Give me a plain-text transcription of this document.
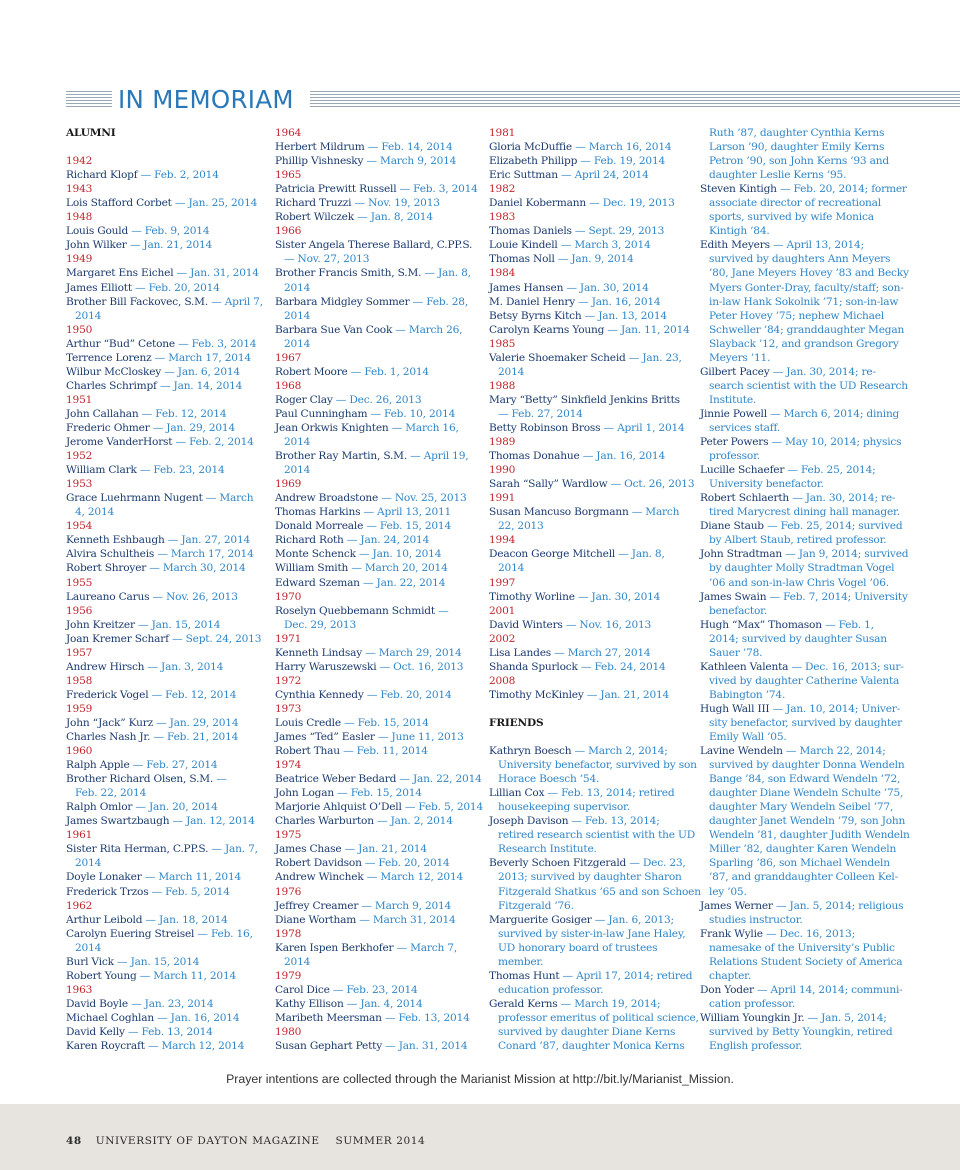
IN MEMORIAM
ALUMNI
1942
Richard Klopf — Feb. 2, 2014
1943
Lois Stafford Corbet — Jan. 25, 2014
1948
Louis Gould — Feb. 9, 2014
John Wilker — Jan. 21, 2014
1949
Margaret Ens Eichel — Jan. 31, 2014
James Elliott — Feb. 20, 2014
Brother Bill Fackovec, S.M. — April 7,
2014
1950
Arthur “Bud” Cetone — Feb. 3, 2014
Terrence Lorenz — March 17, 2014
Wilbur McCloskey — Jan. 6, 2014
Charles Schrimpf — Jan. 14, 2014
1951
John Callahan — Feb. 12, 2014
Frederic Ohmer — Jan. 29, 2014
Jerome VanderHorst — Feb. 2, 2014
1952
William Clark — Feb. 23, 2014
1953
Grace Luehrmann Nugent — March
4, 2014
1954
Kenneth Eshbaugh — Jan. 27, 2014
Alvira Schultheis — March 17, 2014
Robert Shroyer — March 30, 2014
1955
Laureano Carus — Nov. 26, 2013
1956
John Kreitzer — Jan. 15, 2014
Joan Kremer Scharf — Sept. 24, 2013
1957
Andrew Hirsch — Jan. 3, 2014
1958
Frederick Vogel — Feb. 12, 2014
1959
John “Jack” Kurz — Jan. 29, 2014
Charles Nash Jr. — Feb. 21, 2014
1960
Ralph Apple — Feb. 27, 2014
Brother Richard Olsen, S.M. —
Feb. 22, 2014
Ralph Omlor — Jan. 20, 2014
James Swartzbaugh — Jan. 12, 2014
1961
Sister Rita Herman, C.PP.S. — Jan. 7,
2014
Doyle Lonaker — March 11, 2014
Frederick Trzos — Feb. 5, 2014
1962
Arthur Leibold — Jan. 18, 2014
Carolyn Euering Streisel — Feb. 16,
2014
Burl Vick — Jan. 15, 2014
Robert Young — March 11, 2014
1963
David Boyle — Jan. 23, 2014
Michael Coghlan — Jan. 16, 2014
David Kelly — Feb. 13, 2014
Karen Roycraft — March 12, 2014
1964
Herbert Mildrum — Feb. 14, 2014
Phillip Vishnesky — March 9, 2014
1965
Patricia Prewitt Russell — Feb. 3, 2014
Richard Truzzi — Nov. 19, 2013
Robert Wilczek — Jan. 8, 2014
1966
Sister Angela Therese Ballard, C.PP.S.
— Nov. 27, 2013
Brother Francis Smith, S.M. — Jan. 8,
2014
Barbara Midgley Sommer — Feb. 28,
2014
Barbara Sue Van Cook — March 26,
2014
1967
Robert Moore — Feb. 1, 2014
1968
Roger Clay — Dec. 26, 2013
Paul Cunningham — Feb. 10, 2014
Jean Orkwis Knighten — March 16,
2014
Brother Ray Martin, S.M. — April 19,
2014
1969
Andrew Broadstone — Nov. 25, 2013
Thomas Harkins — April 13, 2011
Donald Morreale — Feb. 15, 2014
Richard Roth — Jan. 24, 2014
Monte Schenck — Jan. 10, 2014
William Smith — March 20, 2014
Edward Szeman — Jan. 22, 2014
1970
Roselyn Quebbemann Schmidt —
Dec. 29, 2013
1971
Kenneth Lindsay — March 29, 2014
Harry Waruszewski — Oct. 16, 2013
1972
Cynthia Kennedy — Feb. 20, 2014
1973
Louis Credle — Feb. 15, 2014
James “Ted” Easler — June 11, 2013
Robert Thau — Feb. 11, 2014
1974
Beatrice Weber Bedard — Jan. 22, 2014
John Logan — Feb. 15, 2014
Marjorie Ahlquist O’Dell — Feb. 5, 2014
Charles Warburton — Jan. 2, 2014
1975
James Chase — Jan. 21, 2014
Robert Davidson — Feb. 20, 2014
Andrew Winchek — March 12, 2014
1976
Jeffrey Creamer — March 9, 2014
Diane Wortham — March 31, 2014
1978
Karen Ispen Berkhofer — March 7,
2014
1979
Carol Dice — Feb. 23, 2014
Kathy Ellison — Jan. 4, 2014
Maribeth Meersman — Feb. 13, 2014
1980
Susan Gephart Petty — Jan. 31, 2014
1981
Gloria McDuffie — March 16, 2014
Elizabeth Philipp — Feb. 19, 2014
Eric Suttman — April 24, 2014
1982
Daniel Kobermann — Dec. 19, 2013
1983
Thomas Daniels — Sept. 29, 2013
Louie Kindell — March 3, 2014
Thomas Noll — Jan. 9, 2014
1984
James Hansen — Jan. 30, 2014
M. Daniel Henry — Jan. 16, 2014
Betsy Byrns Kitch — Jan. 13, 2014
Carolyn Kearns Young — Jan. 11, 2014
1985
Valerie Shoemaker Scheid — Jan. 23,
2014
1988
Mary “Betty” Sinkfield Jenkins Britts
— Feb. 27, 2014
Betty Robinson Bross — April 1, 2014
1989
Thomas Donahue — Jan. 16, 2014
1990
Sarah “Sally” Wardlow — Oct. 26, 2013
1991
Susan Mancuso Borgmann — March
22, 2013
1994
Deacon George Mitchell — Jan. 8,
2014
1997
Timothy Worline — Jan. 30, 2014
2001
David Winters — Nov. 16, 2013
2002
Lisa Landes — March 27, 2014
Shanda Spurlock — Feb. 24, 2014
2008
Timothy McKinley — Jan. 21, 2014
FRIENDS
Kathryn Boesch — March 2, 2014;
University benefactor, survived by son
Horace Boesch ’54.
Lillian Cox — Feb. 13, 2014; retired
housekeeping supervisor.
Joseph Davison — Feb. 13, 2014;
retired research scientist with the UD
Research Institute.
Beverly Schoen Fitzgerald — Dec. 23,
2013; survived by daughter Sharon
Fitzgerald Shatkus ’65 and son Schoen
Fitzgerald ’76.
Marguerite Gosiger — Jan. 6, 2013;
survived by sister-in-law Jane Haley,
UD honorary board of trustees
member.
Thomas Hunt — April 17, 2014; retired
education professor.
Gerald Kerns — March 19, 2014;
professor emeritus of political science,
survived by daughter Diane Kerns
Conard ’87, daughter Monica Kerns
Ruth ’87, daughter Cynthia Kerns
Larson ’90, daughter Emily Kerns
Petron ’90, son John Kerns ’93 and
daughter Leslie Kerns ’95.
Steven Kintigh — Feb. 20, 2014; former
associate director of recreational
sports, survived by wife Monica
Kintigh ’84.
Edith Meyers — April 13, 2014;
survived by daughters Ann Meyers
’80, Jane Meyers Hovey ’83 and Becky
Myers Gonter-Dray, faculty/staff; son-
in-law Hank Sokolnik ’71; son-in-law
Peter Hovey ’75; nephew Michael
Schweller ’84; granddaughter Megan
Slayback ’12, and grandson Gregory
Meyers ’11.
Gilbert Pacey — Jan. 30, 2014; re-
search scientist with the UD Research
Institute.
Jinnie Powell — March 6, 2014; dining
services staff.
Peter Powers — May 10, 2014; physics
professor.
Lucille Schaefer — Feb. 25, 2014;
University benefactor.
Robert Schlaerth — Jan. 30, 2014; re-
tired Marycrest dining hall manager.
Diane Staub — Feb. 25, 2014; survived
by Albert Staub, retired professor.
John Stradtman — Jan 9, 2014; survived
by daughter Molly Stradtman Vogel
’06 and son-in-law Chris Vogel ’06.
James Swain — Feb. 7, 2014; University
benefactor.
Hugh “Max” Thomason — Feb. 1,
2014; survived by daughter Susan
Sauer ’78.
Kathleen Valenta — Dec. 16, 2013; sur-
vived by daughter Catherine Valenta
Babington ’74.
Hugh Wall III — Jan. 10, 2014; Univer-
sity benefactor, survived by daughter
Emily Wall ’05.
Lavine Wendeln — March 22, 2014;
survived by daughter Donna Wendeln
Bange ’84, son Edward Wendeln ’72,
daughter Diane Wendeln Schulte ’75,
daughter Mary Wendeln Seibel ’77,
daughter Janet Wendeln ’79, son John
Wendeln ’81, daughter Judith Wendeln
Miller ’82, daughter Karen Wendeln
Sparling ’86, son Michael Wendeln
’87, and granddaughter Colleen Kel-
ley ’05.
James Werner — Jan. 5, 2014; religious
studies instructor.
Frank Wylie — Dec. 16, 2013;
namesake of the University’s Public
Relations Student Society of America
chapter.
Don Yoder — April 14, 2014; communi-
cation professor.
William Youngkin Jr. — Jan. 5, 2014;
survived by Betty Youngkin, retired
English professor.
Prayer intentions are collected through the Marianist Mission at http://bit.ly/Marianist_Mission.
48 UNIVERSITY OF DAYTON MAGAZINE SUMMER 2014
